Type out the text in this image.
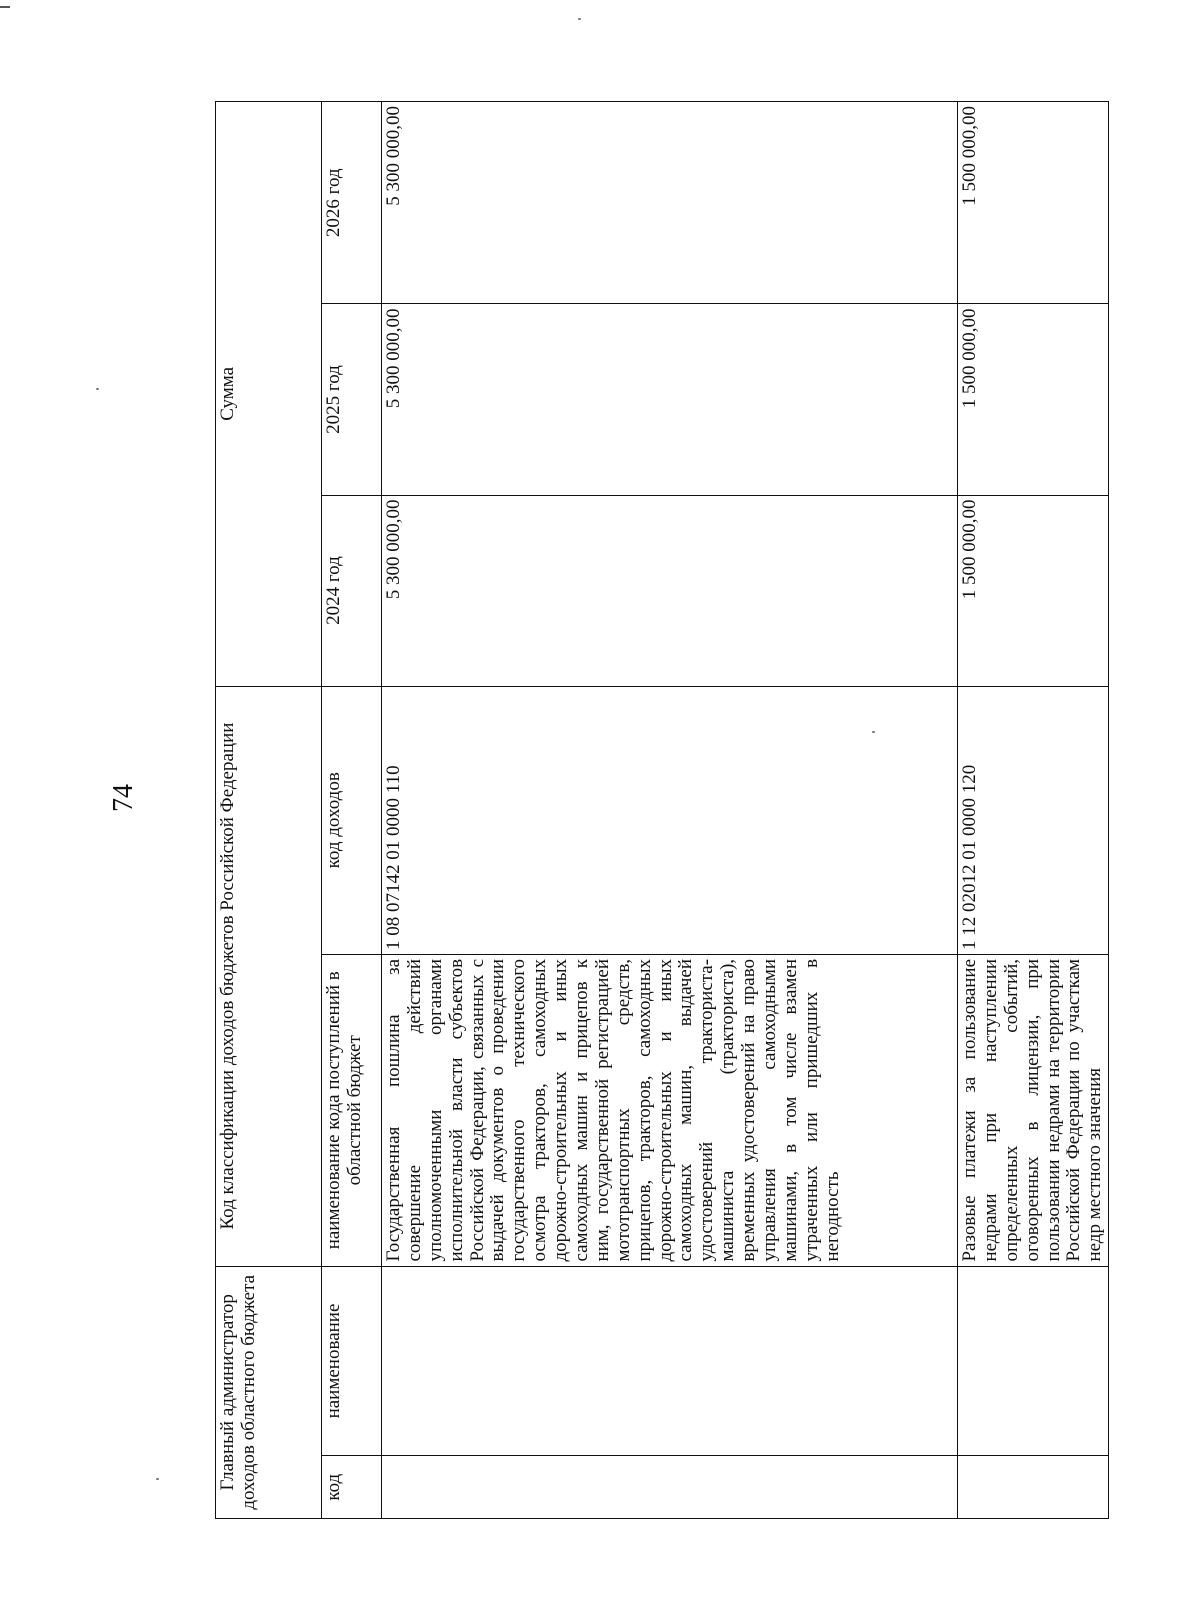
74
Главный администратор доходов областного бюджета		Код классификации доходов бюджетов Российской Федерации		Сумма		
код	наименование	наименование кода поступлений в областной бюджет	код доходов	2024 год	2025 год	2026 год
		Государственная пошлина за совершение действий уполномоченными органами исполнительной власти субъектов Российской Федерации, связанных с выдачей документов о проведении государственного технического осмотра тракторов, самоходных дорожно-строительных и иных самоходных машин и прицепов к ним, государственной регистрацией мототранспортных средств, прицепов, тракторов, самоходных дорожно-строительных и иных самоходных машин, выдачей удостоверений тракториста-машиниста (тракториста), временных удостоверений на право управления самоходными машинами, в том числе взамен утраченных или пришедших в негодность	1 08 07142 01 0000 110	5 300 000,00	5 300 000,00	5 300 000,00
		Разовые платежи за пользование недрами при наступлении определенных событий, оговоренных в лицензии, при пользовании недрами на территории Российской Федерации по участкам недр местного значения	1 12 02012 01 0000 120	1 500 000,00	1 500 000,00	1 500 000,00
